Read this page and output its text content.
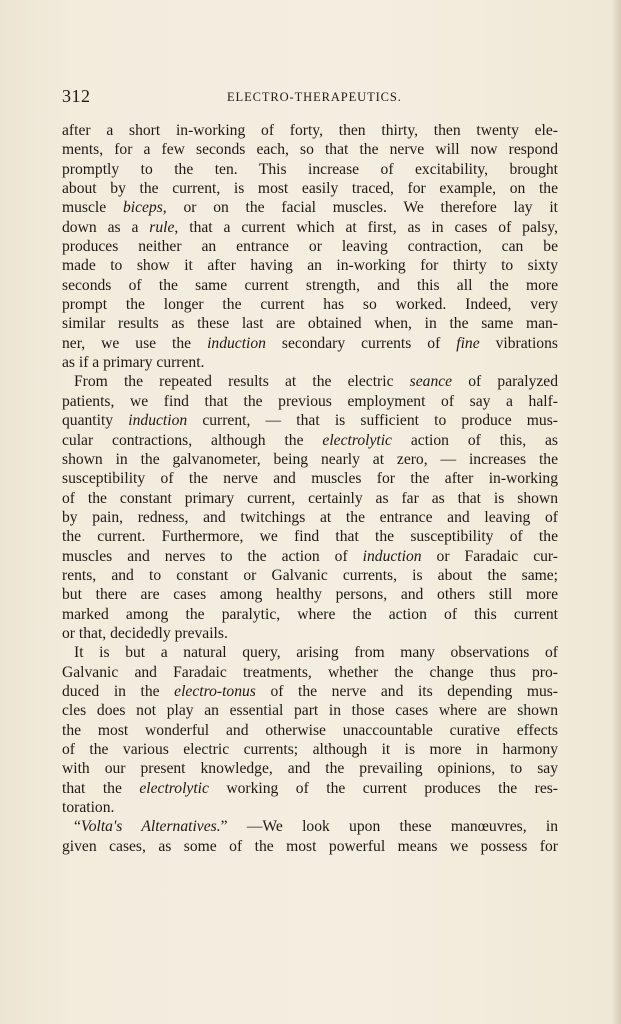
312	ELECTRO-THERAPEUTICS.
after a short in-working of forty, then thirty, then twenty ele-
ments, for a few seconds each, so that the nerve will now respond
promptly to the ten. This increase of excitability, brought
about by the current, is most easily traced, for example, on the
muscle biceps, or on the facial muscles. We therefore lay it
down as a rule, that a current which at first, as in cases of palsy,
produces neither an entrance or leaving contraction, can be
made to show it after having an in-working for thirty to sixty
seconds of the same current strength, and this all the more
prompt the longer the current has so worked. Indeed, very
similar results as these last are obtained when, in the same man-
ner, we use the induction secondary currents of fine vibrations
as if a primary current.
From the repeated results at the electric seance of paralyzed
patients, we find that the previous employment of say a half-
quantity induction current, — that is sufficient to produce mus-
cular contractions, although the electrolytic action of this, as
shown in the galvanometer, being nearly at zero, — increases the
susceptibility of the nerve and muscles for the after in-working
of the constant primary current, certainly as far as that is shown
by pain, redness, and twitchings at the entrance and leaving of
the current. Furthermore, we find that the susceptibility of the
muscles and nerves to the action of induction or Faradaic cur-
rents, and to constant or Galvanic currents, is about the same;
but there are cases among healthy persons, and others still more
marked among the paralytic, where the action of this current
or that, decidedly prevails.
It is but a natural query, arising from many observations of
Galvanic and Faradaic treatments, whether the change thus pro-
duced in the electro-tonus of the nerve and its depending mus-
cles does not play an essential part in those cases where are shown
the most wonderful and otherwise unaccountable curative effects
of the various electric currents; although it is more in harmony
with our present knowledge, and the prevailing opinions, to say
that the electrolytic working of the current produces the res-
toration.
“Volta's Alternatives.” —We look upon these manœuvres, in
given cases, as some of the most powerful means we possess for
